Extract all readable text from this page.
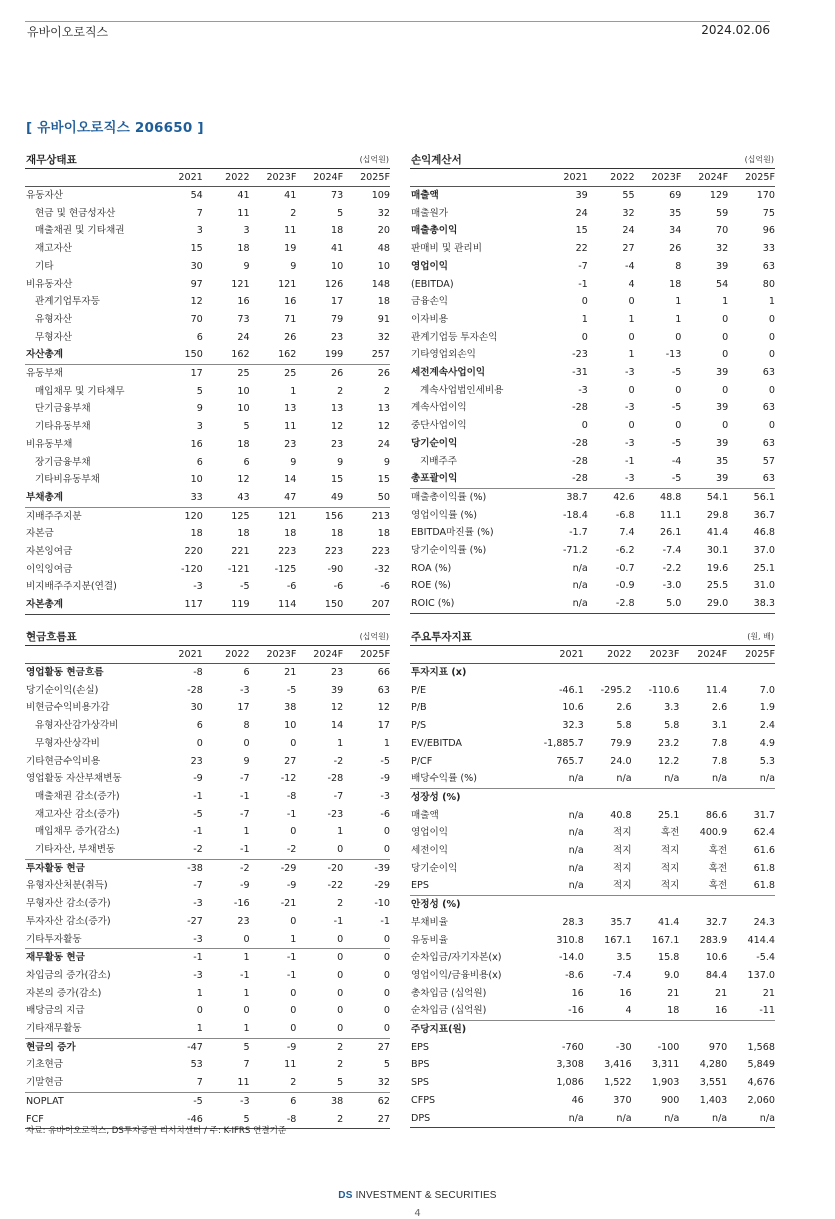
유바이오로직스	2024.02.06
[ 유바이오로직스 206650 ]
재무상태표	(십억원)
	2021	2022	2023F	2024F	2025F
유동자산	54	41	41	73	109
현금 및 현금성자산	7	11	2	5	32
매출채권 및 기타채권	3	3	11	18	20
재고자산	15	18	19	41	48
기타	30	9	9	10	10
비유동자산	97	121	121	126	148
관계기업투자등	12	16	16	17	18
유형자산	70	73	71	79	91
무형자산	6	24	26	23	32
자산총계	150	162	162	199	257
유동부채	17	25	25	26	26
매입채무 및 기타채무	5	10	1	2	2
단기금융부채	9	10	13	13	13
기타유동부채	3	5	11	12	12
비유동부채	16	18	23	23	24
장기금융부채	6	6	9	9	9
기타비유동부채	10	12	14	15	15
부채총계	33	43	47	49	50
지배주주지분	120	125	121	156	213
자본금	18	18	18	18	18
자본잉여금	220	221	223	223	223
이익잉여금	-120	-121	-125	-90	-32
비지배주주지분(연결)	-3	-5	-6	-6	-6
자본총계	117	119	114	150	207
손익계산서	(십억원)
	2021	2022	2023F	2024F	2025F
매출액	39	55	69	129	170
매출원가	24	32	35	59	75
매출총이익	15	24	34	70	96
판매비 및 관리비	22	27	26	32	33
영업이익	-7	-4	8	39	63
(EBITDA)	-1	4	18	54	80
금융손익	0	0	1	1	1
이자비용	1	1	1	0	0
관계기업등 투자손익	0	0	0	0	0
기타영업외손익	-23	1	-13	0	0
세전계속사업이익	-31	-3	-5	39	63
계속사업법인세비용	-3	0	0	0	0
계속사업이익	-28	-3	-5	39	63
중단사업이익	0	0	0	0	0
당기순이익	-28	-3	-5	39	63
지배주주	-28	-1	-4	35	57
총포괄이익	-28	-3	-5	39	63
매출총이익률 (%)	38.7	42.6	48.8	54.1	56.1
영업이익률 (%)	-18.4	-6.8	11.1	29.8	36.7
EBITDA마진률 (%)	-1.7	7.4	26.1	41.4	46.8
당기순이익률 (%)	-71.2	-6.2	-7.4	30.1	37.0
ROA (%)	n/a	-0.7	-2.2	19.6	25.1
ROE (%)	n/a	-0.9	-3.0	25.5	31.0
ROIC (%)	n/a	-2.8	5.0	29.0	38.3
현금흐름표	(십억원)
	2021	2022	2023F	2024F	2025F
영업활동 현금흐름	-8	6	21	23	66
당기순이익(손실)	-28	-3	-5	39	63
비현금수익비용가감	30	17	38	12	12
유형자산감가상각비	6	8	10	14	17
무형자산상각비	0	0	0	1	1
기타현금수익비용	23	9	27	-2	-5
영업활동 자산부채변동	-9	-7	-12	-28	-9
매출채권 감소(증가)	-1	-1	-8	-7	-3
재고자산 감소(증가)	-5	-7	-1	-23	-6
매입채무 증가(감소)	-1	1	0	1	0
기타자산, 부채변동	-2	-1	-2	0	0
투자활동 현금	-38	-2	-29	-20	-39
유형자산처분(취득)	-7	-9	-9	-22	-29
무형자산 감소(증가)	-3	-16	-21	2	-10
투자자산 감소(증가)	-27	23	0	-1	-1
기타투자활동	-3	0	1	0	0
재무활동 현금	-1	1	-1	0	0
차입금의 증가(감소)	-3	-1	-1	0	0
자본의 증가(감소)	1	1	0	0	0
배당금의 지급	0	0	0	0	0
기타재무활동	1	1	0	0	0
현금의 증가	-47	5	-9	2	27
기초현금	53	7	11	2	5
기말현금	7	11	2	5	32
NOPLAT	-5	-3	6	38	62
FCF	-46	5	-8	2	27
주요투자지표	(원, 배)
	2021	2022	2023F	2024F	2025F
투자지표 (x)					
P/E	-46.1	-295.2	-110.6	11.4	7.0
P/B	10.6	2.6	3.3	2.6	1.9
P/S	32.3	5.8	5.8	3.1	2.4
EV/EBITDA	-1,885.7	79.9	23.2	7.8	4.9
P/CF	765.7	24.0	12.2	7.8	5.3
배당수익률 (%)	n/a	n/a	n/a	n/a	n/a
성장성 (%)					
매출액	n/a	40.8	25.1	86.6	31.7
영업이익	n/a	적지	흑전	400.9	62.4
세전이익	n/a	적지	적지	흑전	61.6
당기순이익	n/a	적지	적지	흑전	61.8
EPS	n/a	적지	적지	흑전	61.8
안정성 (%)					
부채비율	28.3	35.7	41.4	32.7	24.3
유동비율	310.8	167.1	167.1	283.9	414.4
순차입금/자기자본(x)	-14.0	3.5	15.8	10.6	-5.4
영업이익/금융비용(x)	-8.6	-7.4	9.0	84.4	137.0
총차입금 (십억원)	16	16	21	21	21
순차입금 (십억원)	-16	4	18	16	-11
주당지표(원)					
EPS	-760	-30	-100	970	1,568
BPS	3,308	3,416	3,311	4,280	5,849
SPS	1,086	1,522	1,903	3,551	4,676
CFPS	46	370	900	1,403	2,060
DPS	n/a	n/a	n/a	n/a	n/a
자료: 유바이오로직스, DS투자증권 리서치센터 / 주: K-IFRS 연결기준
DS INVESTMENT & SECURITIES
4
